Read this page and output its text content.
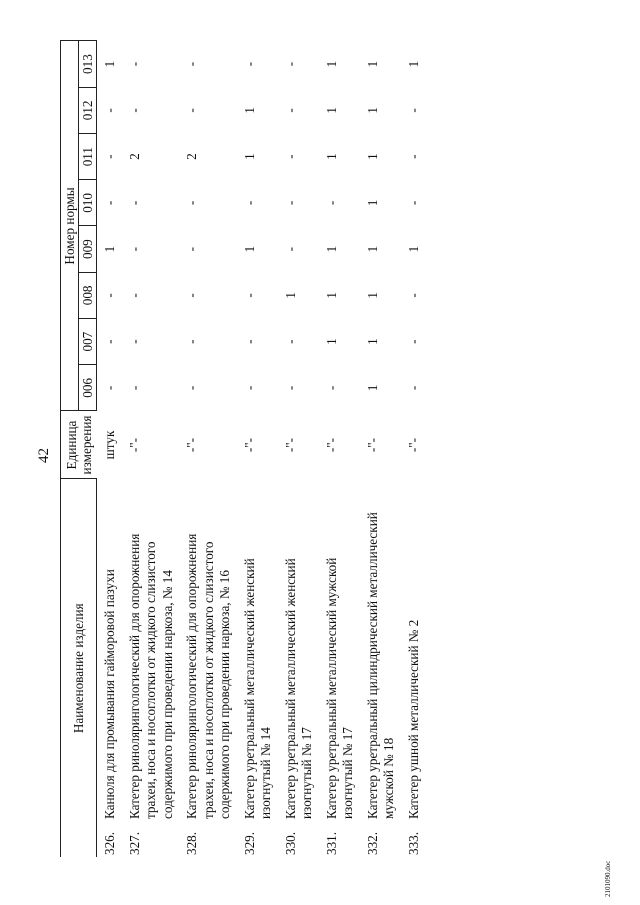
42
Наименование изделия	Единица измерения	Номер нормы							
		006	007	008	009	010	011	012	013
326.Канюля для промывания гайморовой пазухи	штук	-	-	-	1	-	-	-	1
327.Катетер ринолярингологический для опорожнения трахеи, носа и носоглотки от жидкого слизистого содержимого при проведении наркоза, № 14	-"-	-	-	-	-	-	2	-	-
328.Катетер ринолярингологический для опорожнения трахеи, носа и носоглотки от жидкого слизистого содержимого при проведении наркоза, № 16	-"-	-	-	-	-	-	2	-	-
329.Катетер уретральный металлический женский изогнутый № 14	-"-	-	-	-	1	-	1	1	-
330.Катетер уретральный металлический женский изогнутый № 17	-"-	-	-	1	-	-	-	-	-
331.Катетер уретральный металлический мужской изогнутый № 17	-"-	-	1	1	1	-	1	1	1
332.Катетер уретральный цилиндрический металлический мужской № 18	-"-	1	1	1	1	1	1	1	1
333.Катетер ушной металлический № 2	-"-	-	-	-	1	-	-	-	1
2101090.doc
